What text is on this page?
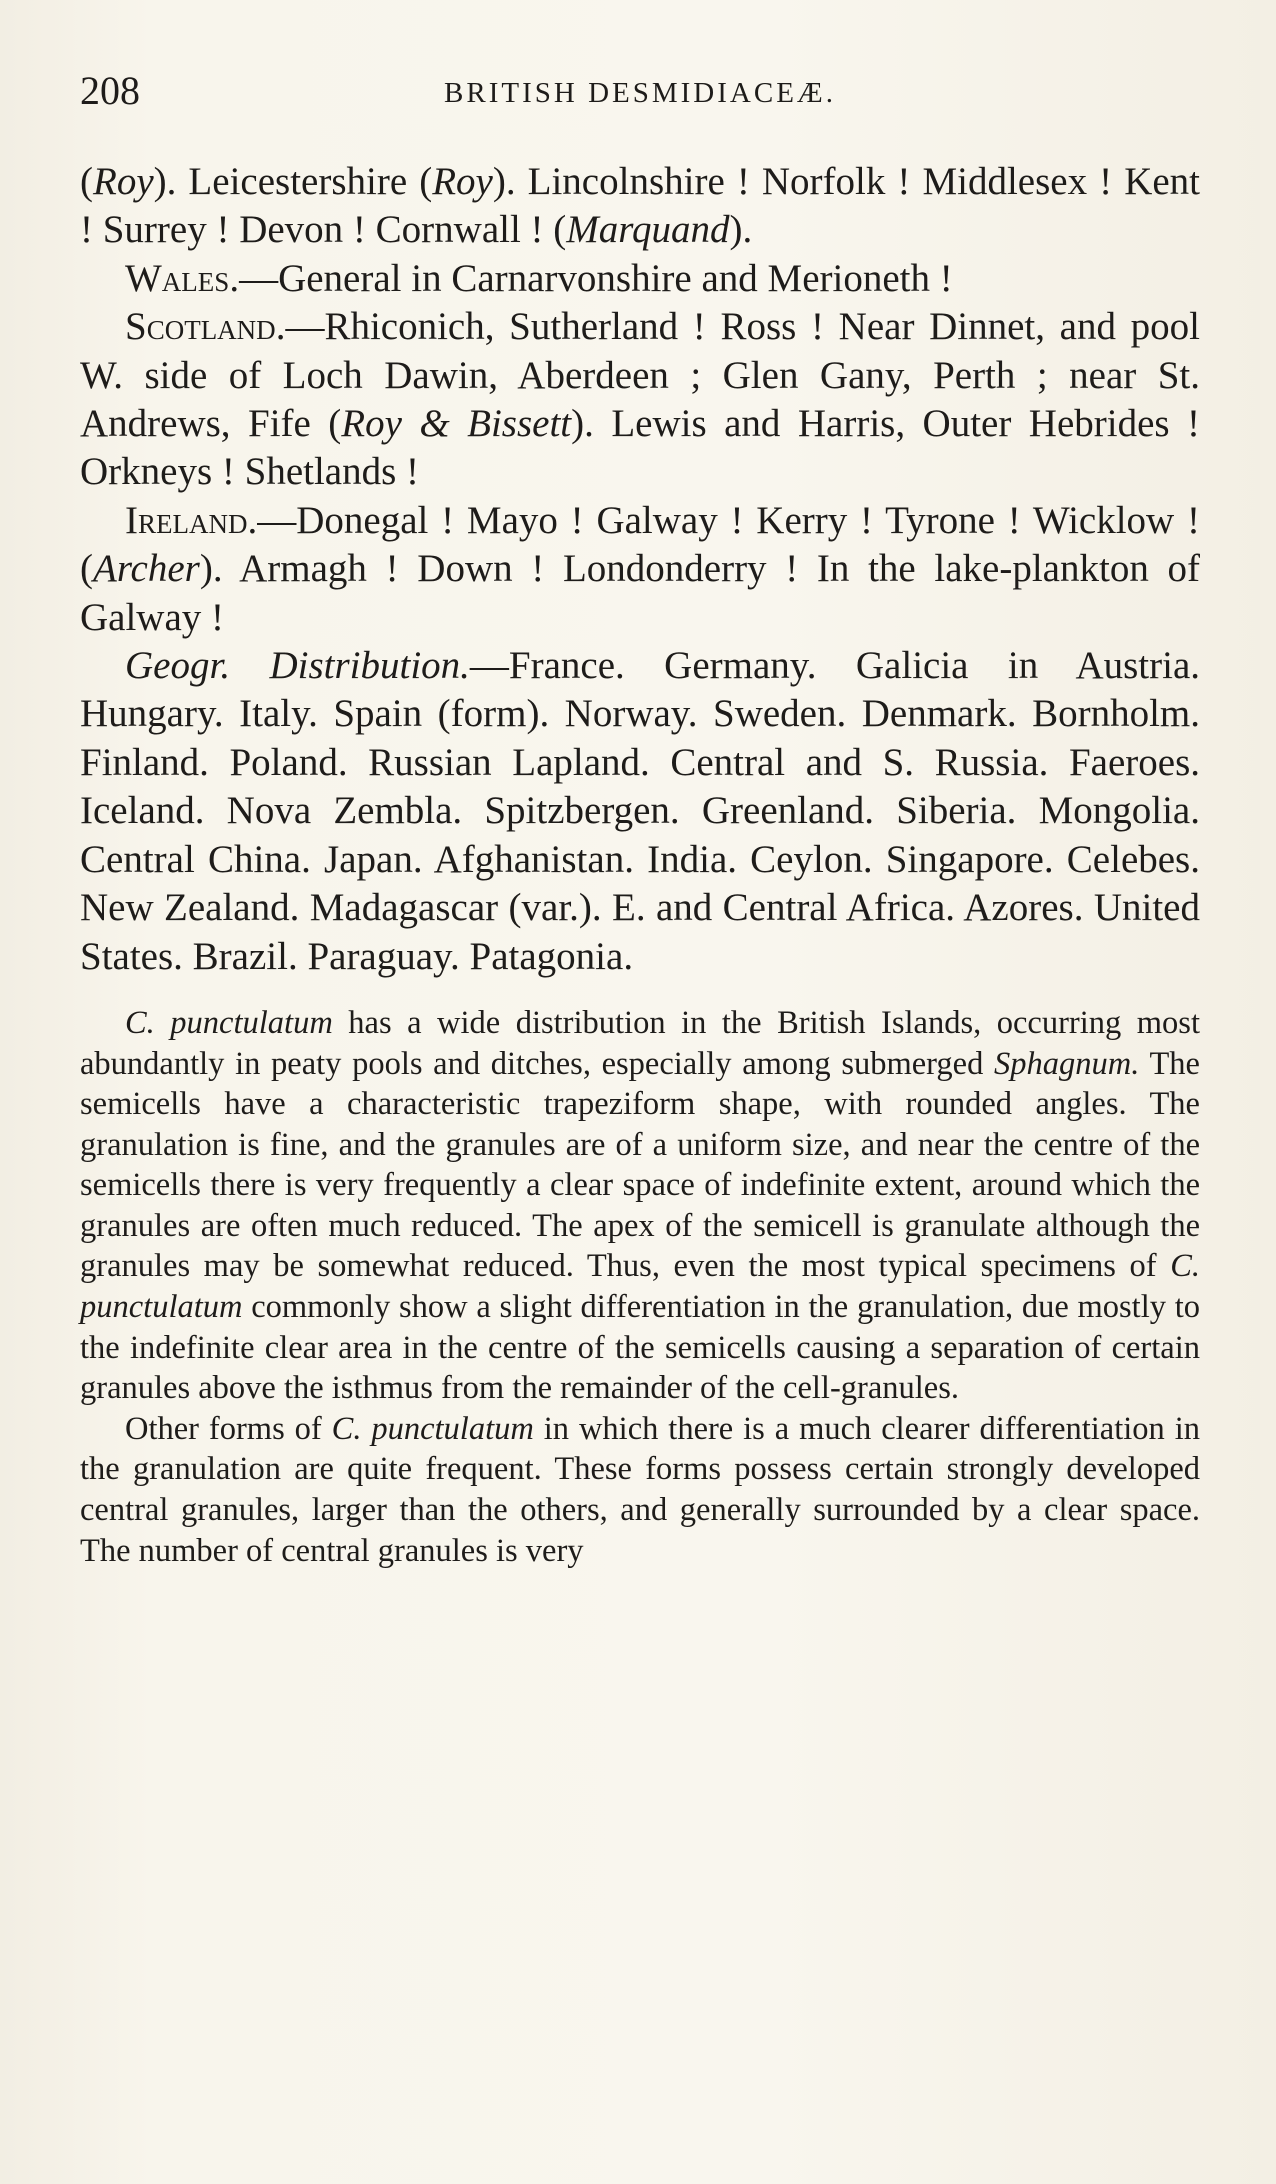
208	BRITISH DESMIDIACEÆ.

(Roy). Leicestershire (Roy). Lincolnshire ! Norfolk ! Middlesex ! Kent ! Surrey ! Devon ! Cornwall ! (Marquand).

Wales.—General in Carnarvonshire and Merioneth !

Scotland.—Rhiconich, Sutherland ! Ross ! Near Dinnet, and pool W. side of Loch Dawin, Aberdeen ; Glen Gany, Perth ; near St. Andrews, Fife (Roy & Bissett). Lewis and Harris, Outer Hebrides ! Orkneys ! Shetlands !

Ireland.—Donegal ! Mayo ! Galway ! Kerry ! Tyrone ! Wicklow ! (Archer). Armagh ! Down ! Londonderry ! In the lake-plankton of Galway !

Geogr. Distribution.—France. Germany. Galicia in Austria. Hungary. Italy. Spain (form). Norway. Sweden. Denmark. Bornholm. Finland. Poland. Russian Lapland. Central and S. Russia. Faeroes. Iceland. Nova Zembla. Spitzbergen. Greenland. Siberia. Mongolia. Central China. Japan. Afghanistan. India. Ceylon. Singapore. Celebes. New Zealand. Madagascar (var.). E. and Central Africa. Azores. United States. Brazil. Paraguay. Patagonia.

C. punctulatum has a wide distribution in the British Islands, occurring most abundantly in peaty pools and ditches, especially among submerged Sphagnum. The semicells have a characteristic trapeziform shape, with rounded angles. The granulation is fine, and the granules are of a uniform size, and near the centre of the semicells there is very frequently a clear space of indefinite extent, around which the granules are often much reduced. The apex of the semicell is granulate although the granules may be somewhat reduced. Thus, even the most typical specimens of C. punctulatum commonly show a slight differentiation in the granulation, due mostly to the indefinite clear area in the centre of the semicells causing a separation of certain granules above the isthmus from the remainder of the cell-granules.

Other forms of C. punctulatum in which there is a much clearer differentiation in the granulation are quite frequent. These forms possess certain strongly developed central granules, larger than the others, and generally surrounded by a clear space. The number of central granules is very
